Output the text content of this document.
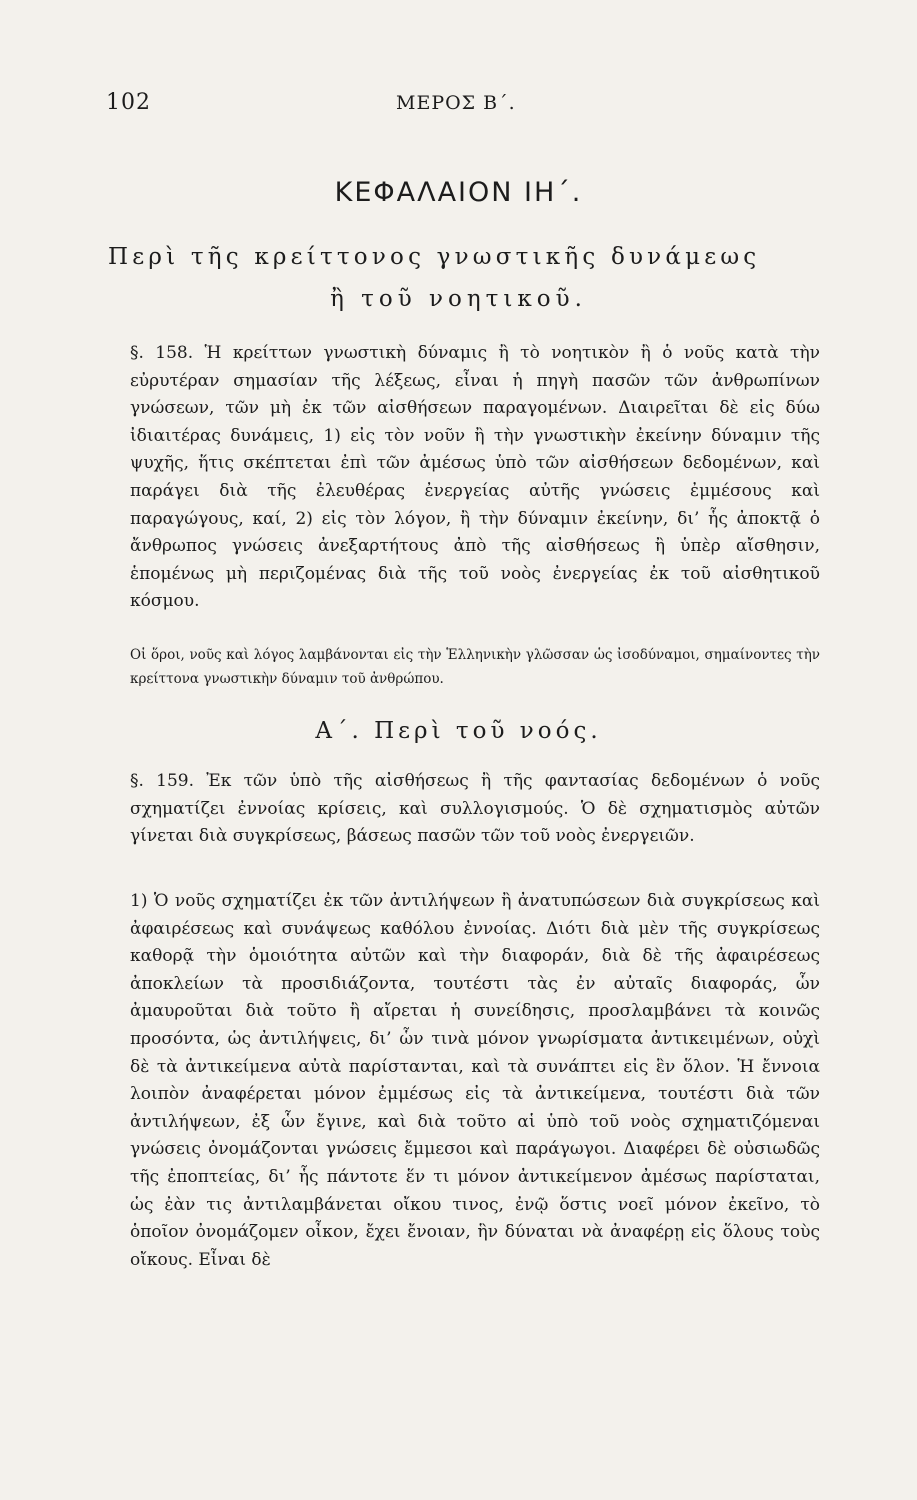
102	ΜΕΡΟΣ Β΄.
ΚΕΦΑΛΑΙΟΝ ΙΗ΄.
Περὶ τῆς κρείττονος γνωστικῆς δυνάμεως
ἢ τοῦ νοητικοῦ.

§. 158. Ἡ κρείττων γνωστικὴ δύναμις ἢ τὸ νοητικὸν ἢ ὁ νοῦς κατὰ τὴν εὐρυτέραν σημασίαν τῆς λέξεως, εἶναι ἡ πηγὴ πασῶν τῶν ἀνθρωπίνων γνώσεων, τῶν μὴ ἐκ τῶν αἰσθήσεων παραγομένων. Διαιρεῖται δὲ εἰς δύω ἰδιαιτέρας δυνάμεις, 1) εἰς τὸν νοῦν ἢ τὴν γνωστικὴν ἐκείνην δύναμιν τῆς ψυχῆς, ἥτις σκέπτεται ἐπὶ τῶν ἀμέσως ὑπὸ τῶν αἰσθήσεων δεδομένων, καὶ παράγει διὰ τῆς ἐλευθέρας ἐνεργείας αὐτῆς γνώσεις ἐμμέσους καὶ παραγώγους, καί, 2) εἰς τὸν λόγον, ἢ τὴν δύναμιν ἐκείνην, δι’ ἧς ἀποκτᾷ ὁ ἄνθρωπος γνώσεις ἀνεξαρτήτους ἀπὸ τῆς αἰσθήσεως ἢ ὑπὲρ αἴσθησιν, ἑπομένως μὴ περιζομένας διὰ τῆς τοῦ νοὸς ἐνεργείας ἐκ τοῦ αἰσθητικοῦ κόσμου.

Οἱ ὅροι, νοῦς καὶ λόγος λαμβάνονται εἰς τὴν Ἑλληνικὴν γλῶσσαν ὡς ἰσοδύναμοι, σημαίνοντες τὴν κρείττονα γνωστικὴν δύναμιν τοῦ ἀνθρώπου.

Α΄. Περὶ τοῦ νοός.

§. 159. Ἐκ τῶν ὑπὸ τῆς αἰσθήσεως ἢ τῆς φαντασίας δεδομένων ὁ νοῦς σχηματίζει ἐννοίας κρίσεις, καὶ συλλογισμούς. Ὁ δὲ σχηματισμὸς αὐτῶν γίνεται διὰ συγκρίσεως, βάσεως πασῶν τῶν τοῦ νοὸς ἐνεργειῶν.

1) Ὁ νοῦς σχηματίζει ἐκ τῶν ἀντιλήψεων ἢ ἀνατυπώσεων διὰ συγκρίσεως καὶ ἀφαιρέσεως καὶ συνάψεως καθόλου ἐννοίας. Διότι διὰ μὲν τῆς συγκρίσεως καθορᾷ τὴν ὁμοιότητα αὐτῶν καὶ τὴν διαφοράν, διὰ δὲ τῆς ἀφαιρέσεως ἀποκλείων τὰ προσιδιάζοντα, τουτέστι τὰς ἐν αὐταῖς διαφοράς, ὧν ἀμαυροῦται διὰ τοῦτο ἢ αἴρεται ἡ συνείδησις, προσλαμβάνει τὰ κοινῶς προσόντα, ὡς ἀντιλήψεις, δι’ ὧν τινὰ μόνον γνωρίσματα ἀντικειμένων, οὐχὶ δὲ τὰ ἀντικείμενα αὐτὰ παρίστανται, καὶ τὰ συνάπτει εἰς ἓν ὅλον. Ἡ ἔννοια λοιπὸν ἀναφέρεται μόνον ἐμμέσως εἰς τὰ ἀντικείμενα, τουτέστι διὰ τῶν ἀντιλήψεων, ἐξ ὧν ἔγινε, καὶ διὰ τοῦτο αἱ ὑπὸ τοῦ νοὸς σχηματιζόμεναι γνώσεις ὀνομάζονται γνώσεις ἔμμεσοι καὶ παράγωγοι. Διαφέρει δὲ οὐσιωδῶς τῆς ἐποπτείας, δι’ ἧς πάντοτε ἕν τι μόνον ἀντικείμενον ἀμέσως παρίσταται, ὡς ἐὰν τις ἀντιλαμβάνεται οἴκου τινος, ἐνῷ ὅστις νοεῖ μόνον ἐκεῖνο, τὸ ὁποῖον ὀνομάζομεν οἶκον, ἔχει ἔνοιαν, ἣν δύναται νὰ ἀναφέρῃ εἰς ὅλους τοὺς οἴκους. Εἶναι δὲ
